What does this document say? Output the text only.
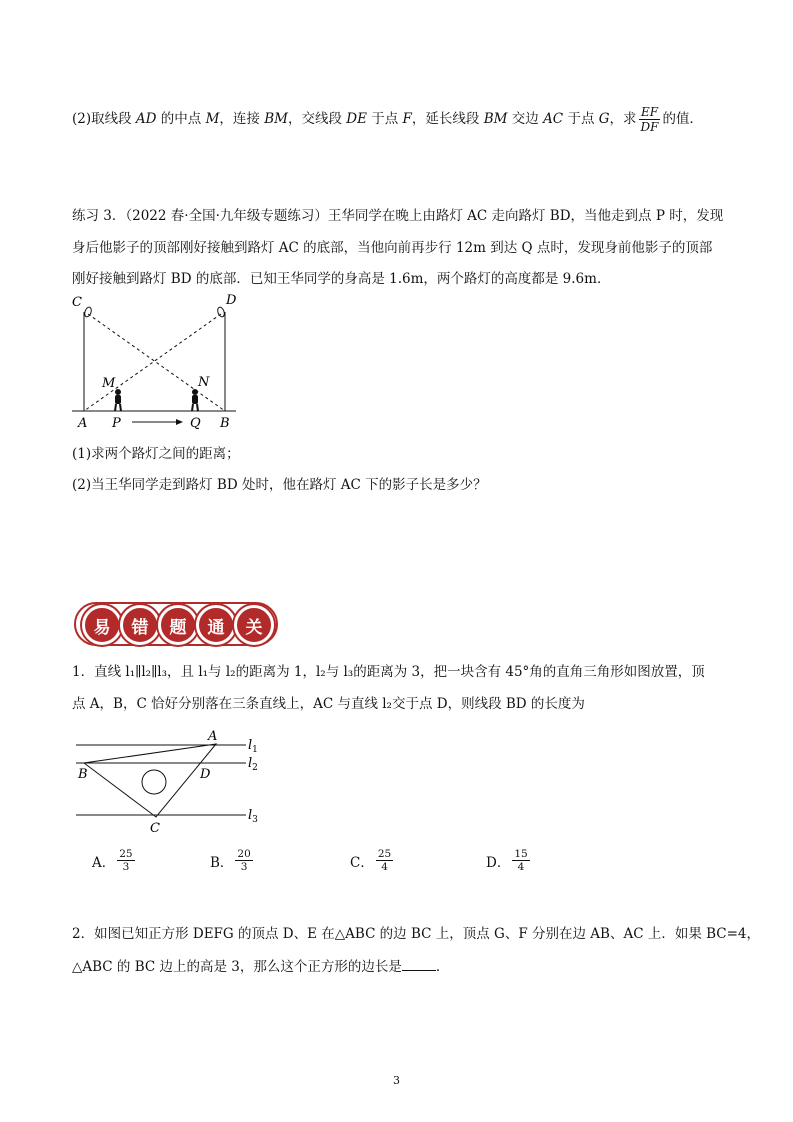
(2)取线段 AD 的中点 M，连接 BM，交线段 DE 于点 F，延长线段 BM 交边 AC 于点 G，求 $\frac{EF}{DF}$ 的值．
练习 3．（2022 春·全国·九年级专题练习）王华同学在晚上由路灯 AC 走向路灯 BD，当他走到点 P 时，发现
身后他影子的顶部刚好接触到路灯 AC 的底部，当他向前再步行 12m 到达 Q 点时，发现身前他影子的顶部
刚好接触到路灯 BD 的底部．已知王华同学的身高是 1.6m，两个路灯的高度都是 9.6m．
C	D
M	N
A P	Q B
(1)求两个路灯之间的距离；
(2)当王华同学走到路灯 BD 处时，他在路灯 AC 下的影子长是多少？
易	错	题	通	关
1．直线 l₁∥l₂∥l₃，且 l₁与 l₂的距离为 1，l₂与 l₃的距离为 3，把一块含有 45°角的直角三角形如图放置，顶
点 A，B，C 恰好分别落在三条直线上，AC 与直线 l₂交于点 D，则线段 BD 的长度为
A
B
C
D
$l_1$
$l_2$
$l_3$
A． $\frac{25}{3}$	B． $\frac{20}{3}$	C． $\frac{25}{4}$	D． $\frac{15}{4}$
2．如图已知正方形 DEFG 的顶点 D、E 在△ABC 的边 BC 上，顶点 G、F 分别在边 AB、AC 上．如果 BC=4，
△ABC 的 BC 边上的高是 3，那么这个正方形的边长是	．
3
